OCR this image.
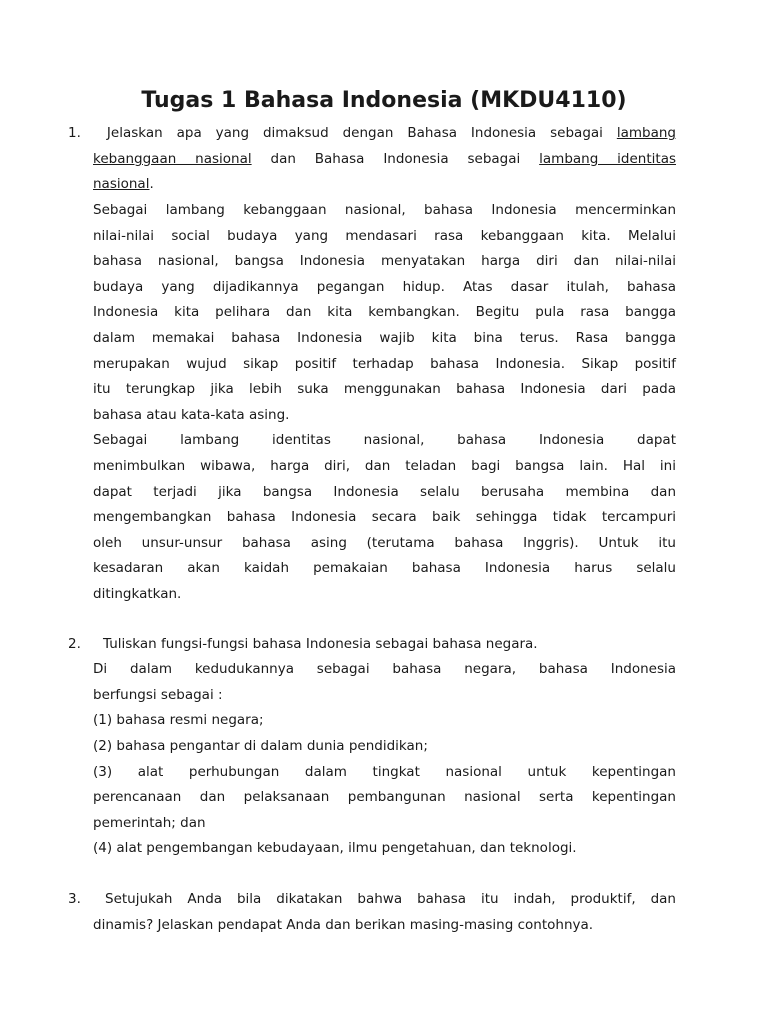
Tugas 1 Bahasa Indonesia (MKDU4110)
1.	Jelaskan apa yang dimaksud dengan Bahasa Indonesia sebagai lambang
kebanggaan nasional dan Bahasa Indonesia sebagai lambang identitas
nasional.
Sebagai lambang kebanggaan nasional, bahasa Indonesia mencerminkan
nilai-nilai social budaya yang mendasari rasa kebanggaan kita. Melalui
bahasa nasional, bangsa Indonesia menyatakan harga diri dan nilai-nilai
budaya yang dijadikannya pegangan hidup. Atas dasar itulah, bahasa
Indonesia kita pelihara dan kita kembangkan. Begitu pula rasa bangga
dalam memakai bahasa Indonesia wajib kita bina terus. Rasa bangga
merupakan wujud sikap positif terhadap bahasa Indonesia. Sikap positif
itu terungkap jika lebih suka menggunakan bahasa Indonesia dari pada
bahasa atau kata-kata asing.
Sebagai lambang identitas nasional, bahasa Indonesia dapat
menimbulkan wibawa, harga diri, dan teladan bagi bangsa lain. Hal ini
dapat terjadi jika bangsa Indonesia selalu berusaha membina dan
mengembangkan bahasa Indonesia secara baik sehingga tidak tercampuri
oleh unsur-unsur bahasa asing (terutama bahasa Inggris). Untuk itu
kesadaran akan kaidah pemakaian bahasa Indonesia harus selalu
ditingkatkan.
2. Tuliskan fungsi-fungsi bahasa Indonesia sebagai bahasa negara.
Di dalam kedudukannya sebagai bahasa negara, bahasa Indonesia
berfungsi sebagai :
(1) bahasa resmi negara;
(2) bahasa pengantar di dalam dunia pendidikan;
(3) alat perhubungan dalam tingkat nasional untuk kepentingan
perencanaan dan pelaksanaan pembangunan nasional serta kepentingan
pemerintah; dan
(4) alat pengembangan kebudayaan, ilmu pengetahuan, dan teknologi.
3. Setujukah Anda bila dikatakan bahwa bahasa itu indah, produktif, dan
dinamis? Jelaskan pendapat Anda dan berikan masing-masing contohnya.
